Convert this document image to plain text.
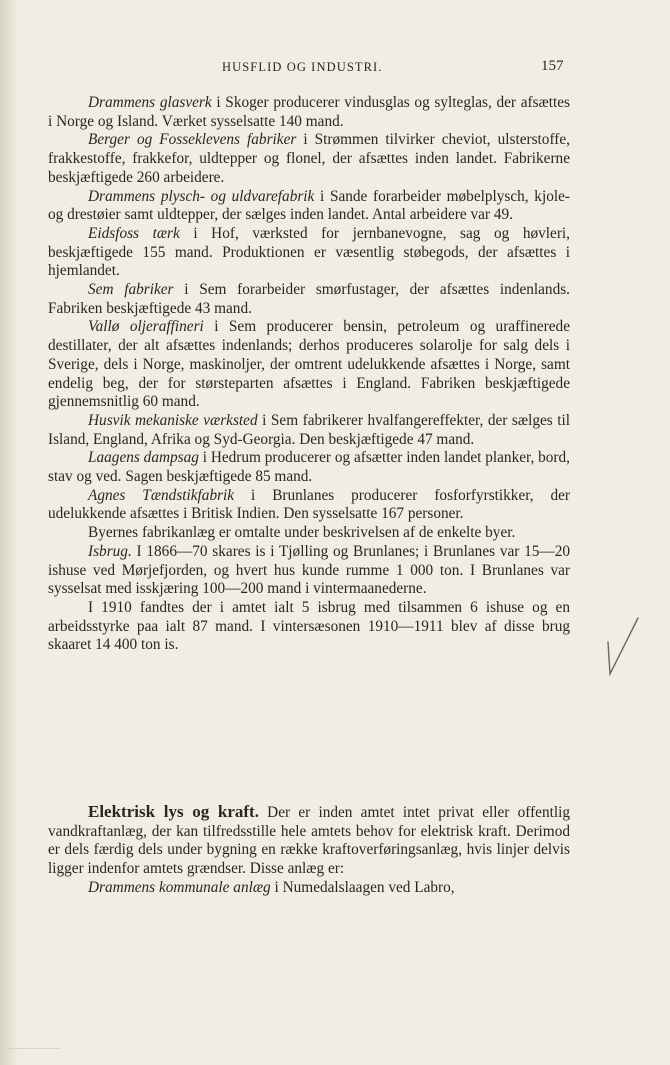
HUSFLID OG INDUSTRI.	157

Drammens glasverk i Skoger producerer vindusglas og syltеglas, der afsættes i Norge og Island. Værket sysselsatte 140 mand.

Berger og Fosseklevens fabriker i Strømmen tilvirker cheviot, ulsterstoffe, frakkestoffe, frakkefor, uldtepper og flonel, der afsættes inden landet. Fabrikerne beskjæftigede 260 arbeidere.

Drammens plysch- og uldvarefabrik i Sande forarbeider møbelplysch, kjole- og drestøier samt uldtepper, der sælges inden landet. Antal arbeidere var 49.

Eidsfoss tærk i Hof, værksted for jernbanevogne, sag og høvleri, beskjæftigede 155 mand. Produktionen er væsentlig støbegods, der afsættes i hjemlandet.

Sem fabriker i Sem forarbeider smørfustager, der afsættes indenlands. Fabriken beskjæftigede 43 mand.

Vallø oljeraffineri i Sem producerer bensin, petroleum og uraffinerede destillater, der alt afsættes indenlands; derhos produceres solarolje for salg dels i Sverige, dels i Norge, maskinoljer, der omtrent udelukkende afsættes i Norge, samt endelig beg, der for størsteparten afsættes i England. Fabriken beskjæftigede gjennemsnitlig 60 mand.

Husvik mekaniske værksted i Sem fabrikerer hvalfangereffekter, der sælges til Island, England, Afrika og Syd-Georgia. Den beskjæftigede 47 mand.

Laagens dampsag i Hedrum producerer og afsætter inden landet planker, bord, stav og ved. Sagen beskjæftigede 85 mand.

Agnes Tændstikfabrik i Brunlanes producerer fosforfyrstikker, der udelukkende afsættes i Britisk Indien. Den sysselsatte 167 personer.

Byernes fabrikanlæg er omtalte under beskrivelsen af de enkelte byer.

Isbrug. I 1866—70 skares is i Tjølling og Brunlanes; i Brunlanes var 15—20 ishuse ved Mørjefjorden, og hvert hus kunde rumme 1 000 ton. I Brunlanes var sysselsat med isskjæring 100—200 mand i vintermaanederne.

I 1910 fandtes der i amtet ialt 5 isbrug med tilsammen 6 ishuse og en arbeidsstyrke paa ialt 87 mand. I vintersæsonen 1910—1911 blev af disse brug skaaret 14 400 ton is.

Elektrisk lys og kraft. Der er inden amtet intet privat eller offentlig vandkraftanlæg, der kan tilfredsstille hele amtets behov for elektrisk kraft. Derimod er dels færdig dels under bygning en række kraftoverføringsanlæg, hvis linjer delvis ligger indenfor amtets grændser. Disse anlæg er:

Drammens kommunale anlæg i Numedalslaagen ved Labro,
